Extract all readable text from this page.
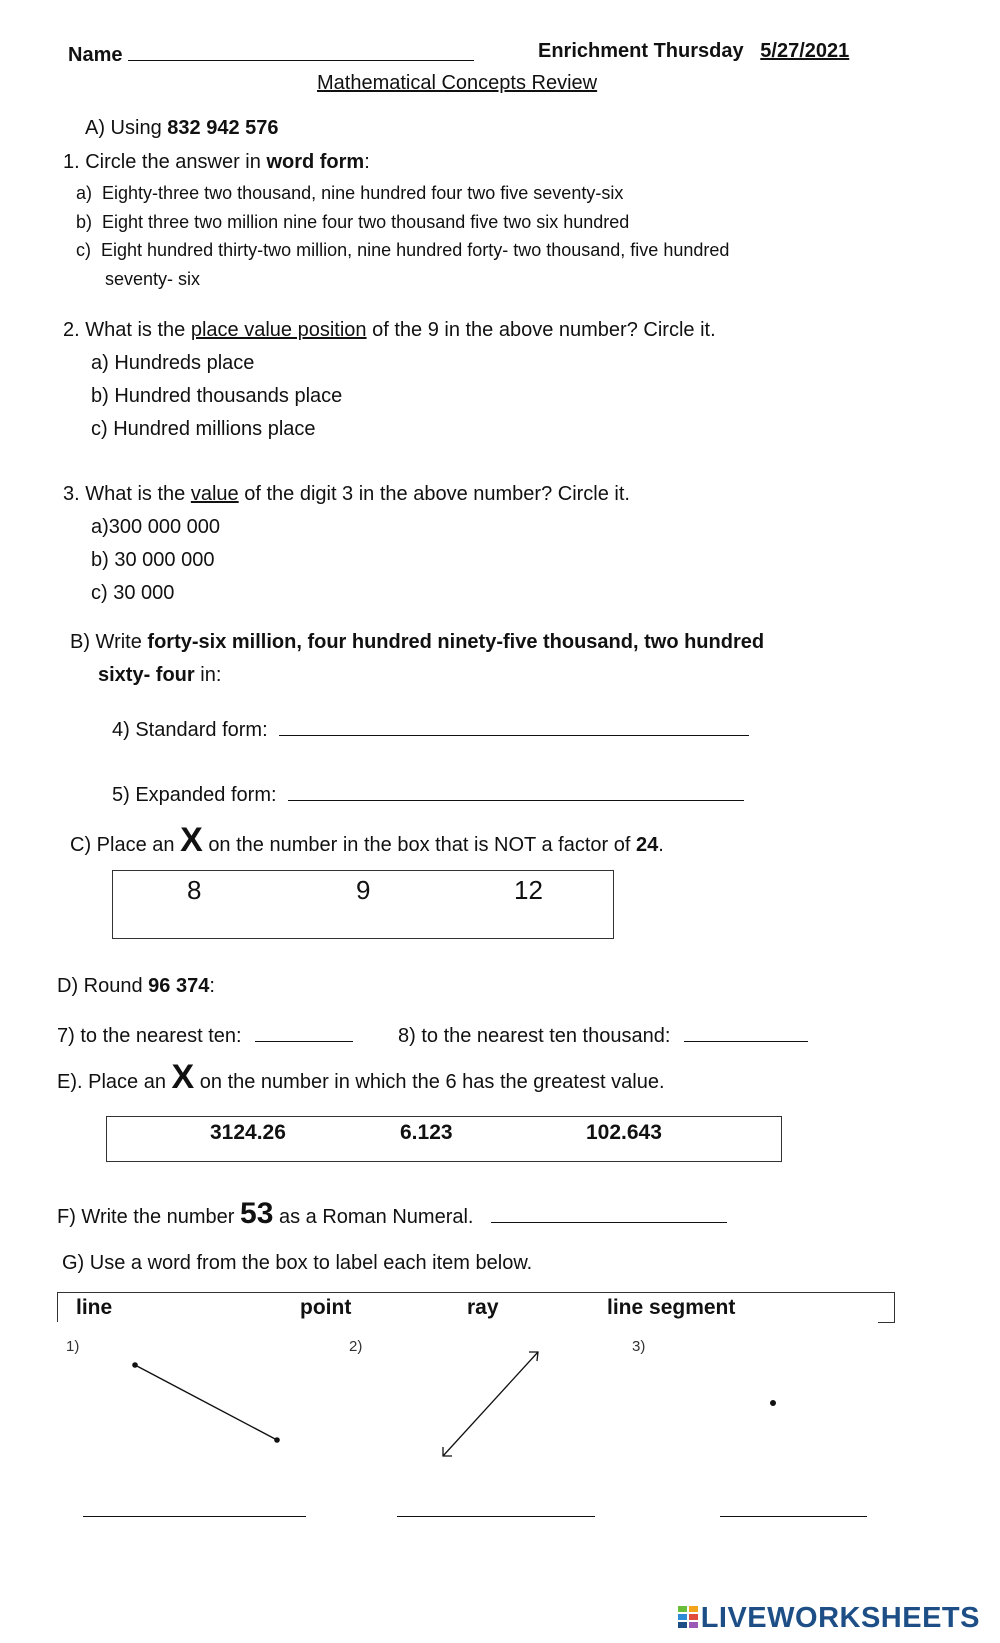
Name	Enrichment Thursday 5/27/2021
Mathematical Concepts Review
A) Using 832 942 576
1. Circle the answer in word form:
a) Eighty-three two thousand, nine hundred four two five seventy-six
b) Eight three two million nine four two thousand five two six hundred
c) Eight hundred thirty-two million, nine hundred forty- two thousand, five hundred
seventy- six
2. What is the place value position of the 9 in the above number? Circle it.
a) Hundreds place
b) Hundred thousands place
c) Hundred millions place
3. What is the value of the digit 3 in the above number? Circle it.
a)300 000 000
b) 30 000 000
c) 30 000
B) Write forty-six million, four hundred ninety-five thousand, two hundred
sixty- four in:
4) Standard form:
5) Expanded form:
C) Place an X on the number in the box that is NOT a factor of 24.
8	9	12
D) Round 96 374:
7) to the nearest ten:	8) to the nearest ten thousand:
E). Place an X on the number in which the 6 has the greatest value.
3124.26	6.123	102.643
F) Write the number 53 as a Roman Numeral.
G) Use a word from the box to label each item below.
line	point	ray	line segment
1)	2)	3)
LIVEWORKSHEETS
